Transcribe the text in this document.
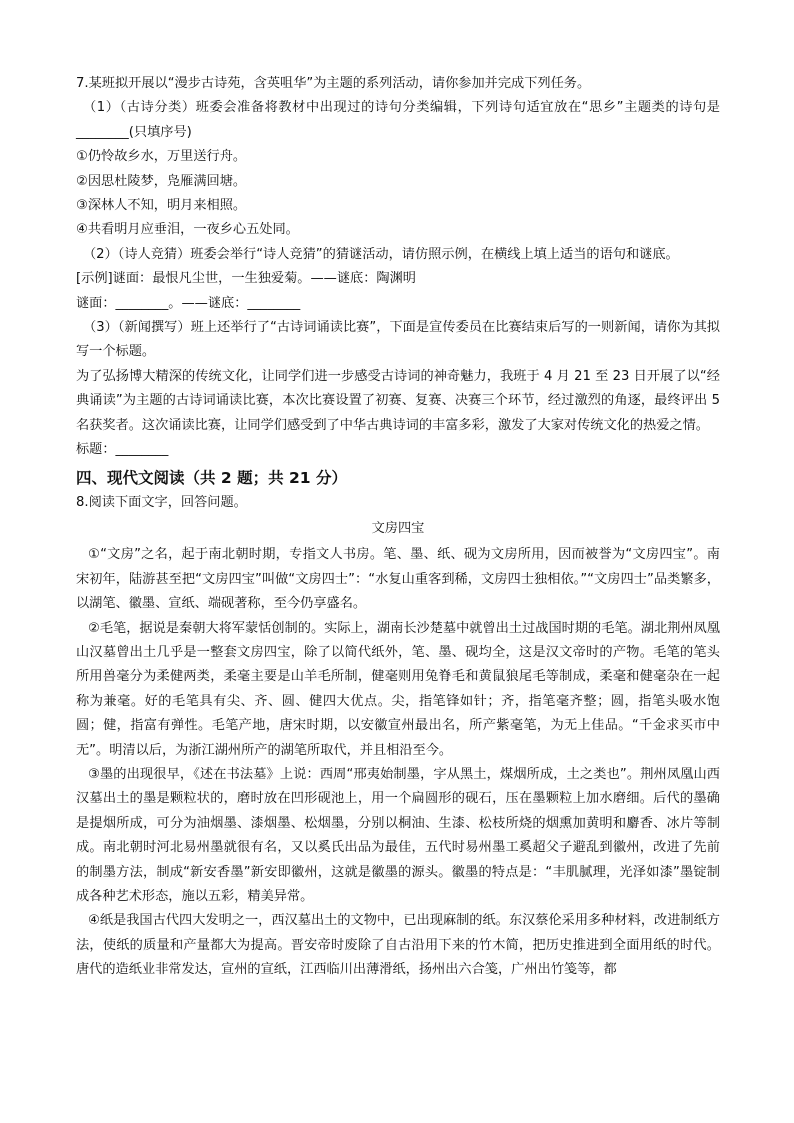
7.某班拟开展以“漫步古诗苑，含英咀华”为主题的系列活动，请你参加并完成下列任务。

（1）（古诗分类）班委会准备将教材中出现过的诗句分类编辑，下列诗句适宜放在“思乡”主题类的诗句是________(只填序号)

①仍怜故乡水，万里送行舟。

②因思杜陵梦，凫雁满回塘。

③深林人不知，明月来相照。

④共看明月应垂泪，一夜乡心五处同。

（2）（诗人竞猜）班委会举行“诗人竞猜”的猜谜活动，请仿照示例，在横线上填上适当的语句和谜底。

[示例]谜面：最恨凡尘世，一生独爱菊。——谜底：陶渊明

谜面：________。——谜底：________

（3）（新闻撰写）班上还举行了“古诗词诵读比赛”，下面是宣传委员在比赛结束后写的一则新闻，请你为其拟写一个标题。

为了弘扬博大精深的传统文化，让同学们进一步感受古诗词的神奇魅力，我班于 4 月 21 至 23 日开展了以“经典诵读”为主题的古诗词诵读比赛，本次比赛设置了初赛、复赛、决赛三个环节，经过激烈的角逐，最终评出 5 名获奖者。这次诵读比赛，让同学们感受到了中华古典诗词的丰富多彩，激发了大家对传统文化的热爱之情。

标题：________

四、现代文阅读（共 2 题；共 21 分）

8.阅读下面文字，回答问题。

文房四宝

①“文房”之名，起于南北朝时期，专指文人书房。笔、墨、纸、砚为文房所用，因而被誉为“文房四宝”。南宋初年，陆游甚至把“文房四宝”叫做“文房四士”：“水复山重客到稀，文房四士独相依。”“文房四士”品类繁多，以湖笔、徽墨、宣纸、端砚著称，至今仍享盛名。

②毛笔，据说是秦朝大将军蒙恬创制的。实际上，湖南长沙楚墓中就曾出土过战国时期的毛笔。湖北荆州凤凰山汉墓曾出土几乎是一整套文房四宝，除了以简代纸外，笔、墨、砚均全，这是汉文帝时的产物。毛笔的笔头所用兽毫分为柔健两类，柔毫主要是山羊毛所制，健毫则用兔脊毛和黄鼠狼尾毛等制成，柔毫和健毫杂在一起称为兼毫。好的毛笔具有尖、齐、圆、健四大优点。尖，指笔锋如针；齐，指笔毫齐整；圆，指笔头吸水饱圆；健，指富有弹性。毛笔产地，唐宋时期，以安徽宣州最出名，所产紫毫笔，为无上佳品。“千金求买市中无”。明清以后，为浙江湖州所产的湖笔所取代，并且相沿至今。

③墨的出现很早，《述在书法墓》上说：西周“邢夷始制墨，字从黑土，煤烟所成，土之类也”。荆州凤凰山西汉墓出土的墨是颗粒状的，磨时放在凹形砚池上，用一个扁圆形的砚石，压在墨颗粒上加水磨细。后代的墨确是提烟所成，可分为油烟墨、漆烟墨、松烟墨，分别以桐油、生漆、松枝所烧的烟熏加黄明和麝香、冰片等制成。南北朝时河北易州墨就很有名，又以奚氏出品为最佳，五代时易州墨工奚超父子避乱到徽州，改进了先前的制墨方法，制成“新安香墨”新安即徽州，这就是徽墨的源头。徽墨的特点是：“丰肌腻理，光泽如漆”墨锭制成各种艺术形态，施以五彩，精美异常。

④纸是我国古代四大发明之一，西汉墓出土的文物中，已出现麻制的纸。东汉蔡伦采用多种材料，改进制纸方法，使纸的质量和产量都大为提高。晋安帝时废除了自古沿用下来的竹木简，把历史推进到全面用纸的时代。唐代的造纸业非常发达，宣州的宣纸，江西临川出薄滑纸，扬州出六合笺，广州出竹笺等，都
